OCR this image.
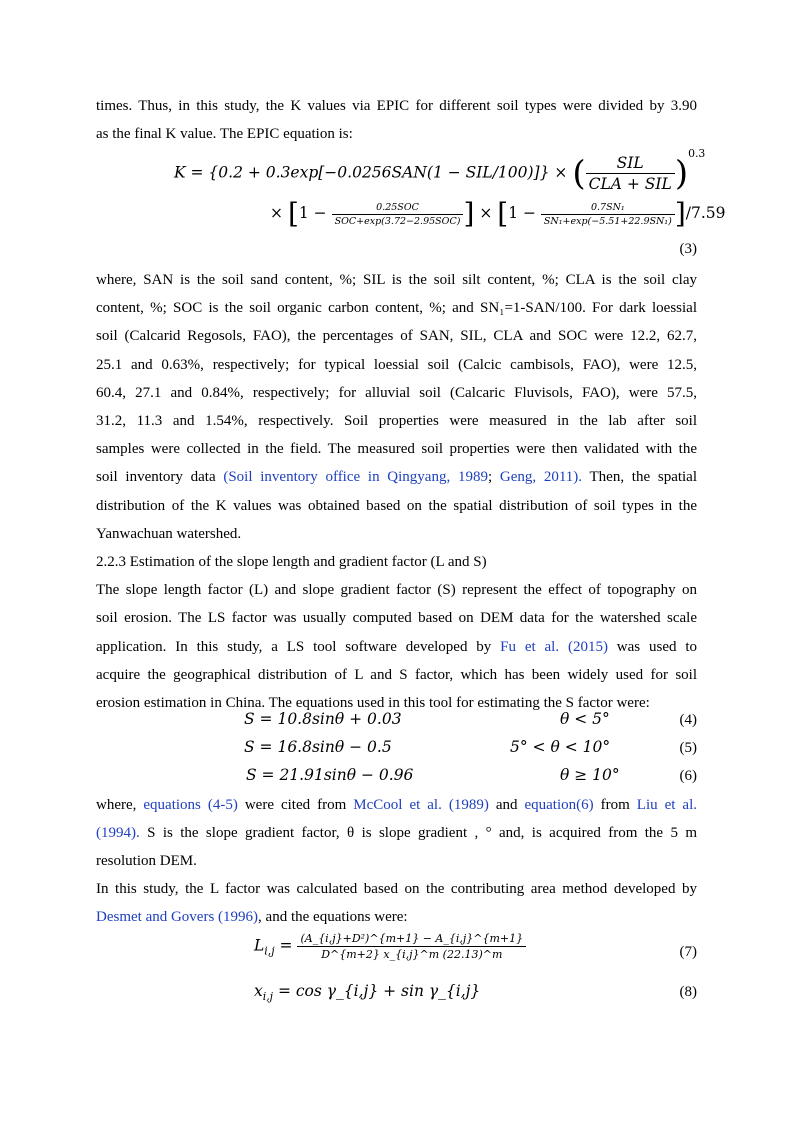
times. Thus, in this study, the K values via EPIC for different soil types were divided by 3.90
as the final K value. The EPIC equation is:
K = {0.2 + 0.3exp[−0.0256SAN(1 − SIL/100)]} × ( $\frac{\text{SIL}}{\text{CLA + SIL}} )^{0.3}$
× [$1 - \frac{\text{0.25SOC}}{\text{SOC+exp(3.72−2.95SOC)}}$ ] × $[1 - \frac{\text{0.7SN₁}}{\text{SN₁+exp(−5.51+22.9SN₁)}} ]/7.59$
(3)
where, SAN is the soil sand content, %; SIL is the soil silt content, %; CLA is the soil clay
content, %; SOC is the soil organic carbon content, %; and SN₁=1-SAN/100. For dark loessial
soil (Calcarid Regosols, FAO), the percentages of SAN, SIL, CLA and SOC were 12.2, 62.7,
25.1 and 0.63%, respectively; for typical loessial soil (Calcic cambisols, FAO), were 12.5,
60.4, 27.1 and 0.84%, respectively; for alluvial soil (Calcaric Fluvisols, FAO), were 57.5,
31.2, 11.3 and 1.54%, respectively. Soil properties were measured in the lab after soil
samples were collected in the field. The measured soil properties were then validated with the
soil inventory data (Soil inventory office in Qingyang, 1989; Geng, 2011). Then, the spatial
distribution of the K values was obtained based on the spatial distribution of soil types in the
Yanwachuan watershed.
2.2.3 Estimation of the slope length and gradient factor (L and S)
The slope length factor (L) and slope gradient factor (S) represent the effect of topography on
soil erosion. The LS factor was usually computed based on DEM data for the watershed scale
application. In this study, a LS tool software developed by Fu et al. (2015) was used to
acquire the geographical distribution of L and S factor, which has been widely used for soil
erosion estimation in China. The equations used in this tool for estimating the S factor were:
S = 10.8sinθ + 0.03	θ < 5°	(4)
S = 16.8sinθ − 0.5	5° < θ < 10°	(5)
S = 21.91sinθ − 0.96	θ ≥ 10°	(6)
where, equations (4-5) were cited from McCool et al. (1989) and equation(6) from Liu et al.
(1994). S is the slope gradient factor, θ is slope gradient , ° and, is acquired from the 5 m
resolution DEM.
In this study, the L factor was calculated based on the contributing area method developed by
Desmet and Govers (1996), and the equations were:
$L_{i,j} = \frac{\text{(A\_\{i,j\}+D²)\textasciicircum{}\{m+1\} − A\_\{i,j\}\textasciicircum{}\{m+1\}}}{D\^{}\{m+2\} x\_\{i,j\}\^{}m (22.13)\^{}m}$	(7)
$x_{i,j} = \cos$ γ_{i,j} + sin γ_{i,j}	(8)
